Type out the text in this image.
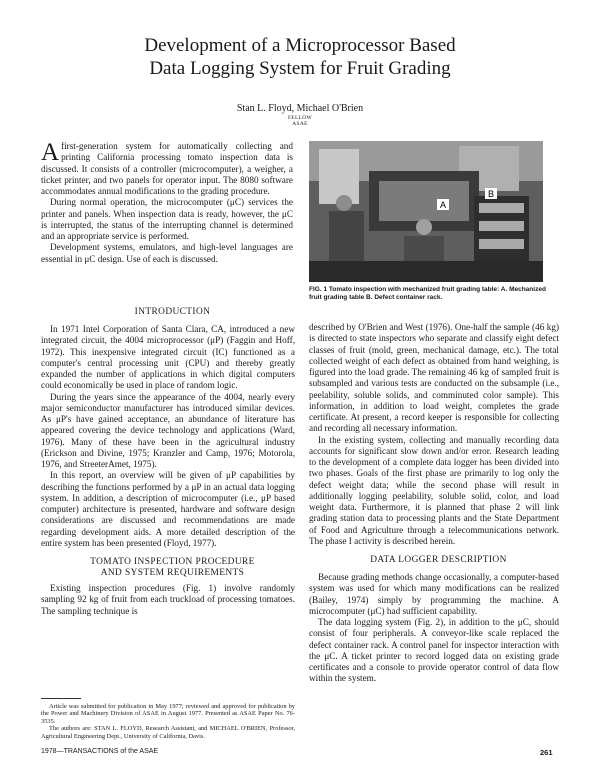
Development of a Microprocessor Based
Data Logging System for Fruit Grading
Stan L. Floyd, Michael O'Brien
FELLOW
ASAE

Afirst-generation system for automatically collecting and printing California processing tomato inspection data is discussed. It consists of a controller (microcomputer), a weigher, a ticket printer, and two panels for operator input. The 8080 software accommodates annual modifications to the grading procedure.

During normal operation, the microcomputer (μC) services the printer and panels. When inspection data is ready, however, the μC is interrupted, the status of the interrupting channel is determined and an appropriate service is performed.

Development systems, emulators, and high-level languages are essential in μC design. Use of each is discussed.

A
B
FIG. 1 Tomato inspection with mechanized fruit grading table: A. Mechanized fruit grading table B. Defect container rack.

INTRODUCTION

In 1971 Intel Corporation of Santa Clara, CA, introduced a new integrated circuit, the 4004 microprocessor (μP) (Faggin and Hoff, 1972). This inexpensive integrated circuit (IC) functioned as a computer's central processing unit (CPU) and thereby greatly expanded the number of applications in which digital computers could economically be used in place of random logic.

During the years since the appearance of the 4004, nearly every major semiconductor manufacturer has introduced similar devices. As μP's have gained acceptance, an abundance of literature has appeared covering the device technology and applications (Ward, 1976). Many of these have been in the agricultural industry (Erickson and Divine, 1975; Kranzler and Camp, 1976; Motorola, 1976, and StreeterAmet, 1975).

In this report, an overview will be given of μP capabilities by describing the functions performed by a μP in an actual data logging system. In addition, a description of microcomputer (i.e., μP based computer) architecture is presented, hardware and software design considerations are discussed and recommendations are made regarding development aids. A more detailed description of the entire system has been presented (Floyd, 1977).

TOMATO INSPECTION PROCEDURE

AND SYSTEM REQUIREMENTS

Existing inspection procedures (Fig. 1) involve randomly sampling 92 kg of fruit from each truckload of processing tomatoes. The sampling technique is

Article was submitted for publication in May 1977; reviewed and approved for publication by the Power and Machinery Division of ASAE in August 1977. Presented as ASAE Paper No. 76-3535.

The authors are: STAN L. FLOYD, Research Assistant, and MICHAEL O'BRIEN, Professor, Agricultural Engineering Dept., University of California, Davis.

described by O'Brien and West (1976). One-half the sample (46 kg) is directed to state inspectors who separate and classify eight defect classes of fruit (mold, green, mechanical damage, etc.). The total collected weight of each defect as obtained from hand weighing, is figured into the load grade. The remaining 46 kg of sampled fruit is subsampled and various tests are conducted on the subsample (i.e., peelability, soluble solids, and comminuted color sample). This information, in addition to load weight, completes the grade certificate. At present, a record keeper is responsible for collecting and recording all necessary information.

In the existing system, collecting and manually recording data accounts for significant slow down and/or error. Research leading to the development of a complete data logger has been divided into two phases. Goals of the first phase are primarily to log only the defect weight data; while the second phase will result in additionally logging peelability, soluble solid, color, and load weight data. Furthermore, it is planned that phase 2 will link grading station data to processing plants and the State Department of Food and Agriculture through a telecommunications network. The phase I activity is described herein.

DATA LOGGER DESCRIPTION

Because grading methods change occasionally, a computer-based system was used for which many modifications can be realized (Bailey, 1974) simply by programming the machine. A microcomputer (μC) had sufficient capability.

The data logging system (Fig. 2), in addition to the μC, should consist of four peripherals. A conveyor-like scale replaced the defect container rack. A control panel for inspector interaction with the μC. A ticket printer to record logged data on existing grade certificates and a console to provide operator control of data flow within the system.

1978—TRANSACTIONS of the ASAE	261
